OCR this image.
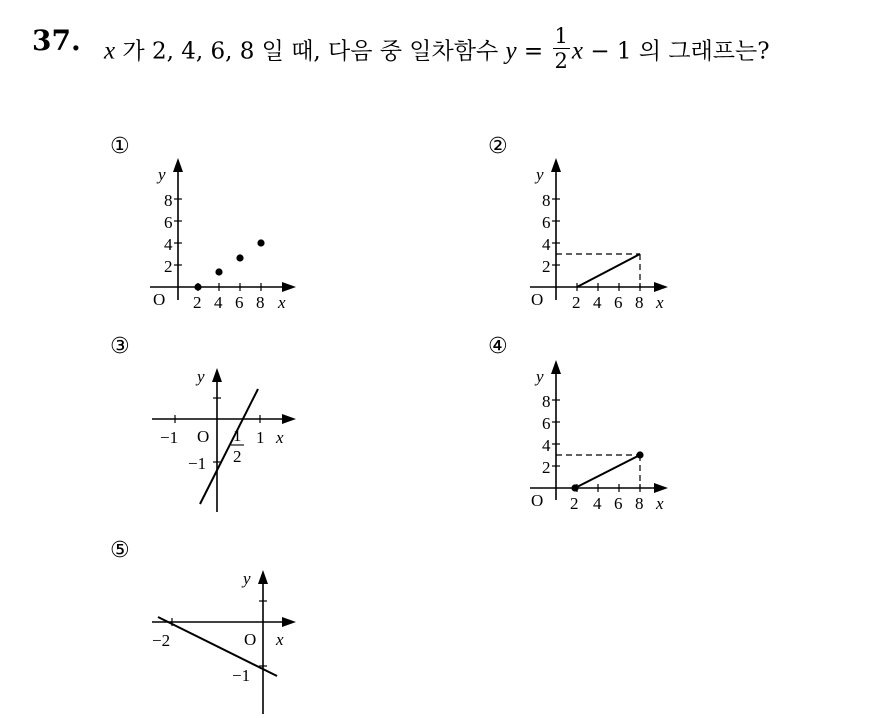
37. x 가 2, 4, 6, 8 일 때, 다음 중 일차함수 $y = \frac{1}{2}$ x − 1 의 그래프는?
①	②
③	④
⑤
2
4
6
8
y
O 2 4 6 8 x
2
4
6
8
y
O 2 4 6 8 x
y
−1 O 1
2
1 x
−1	2
4
6
8
y
O 2 4 6 8 x
y
−2	O x
−1
